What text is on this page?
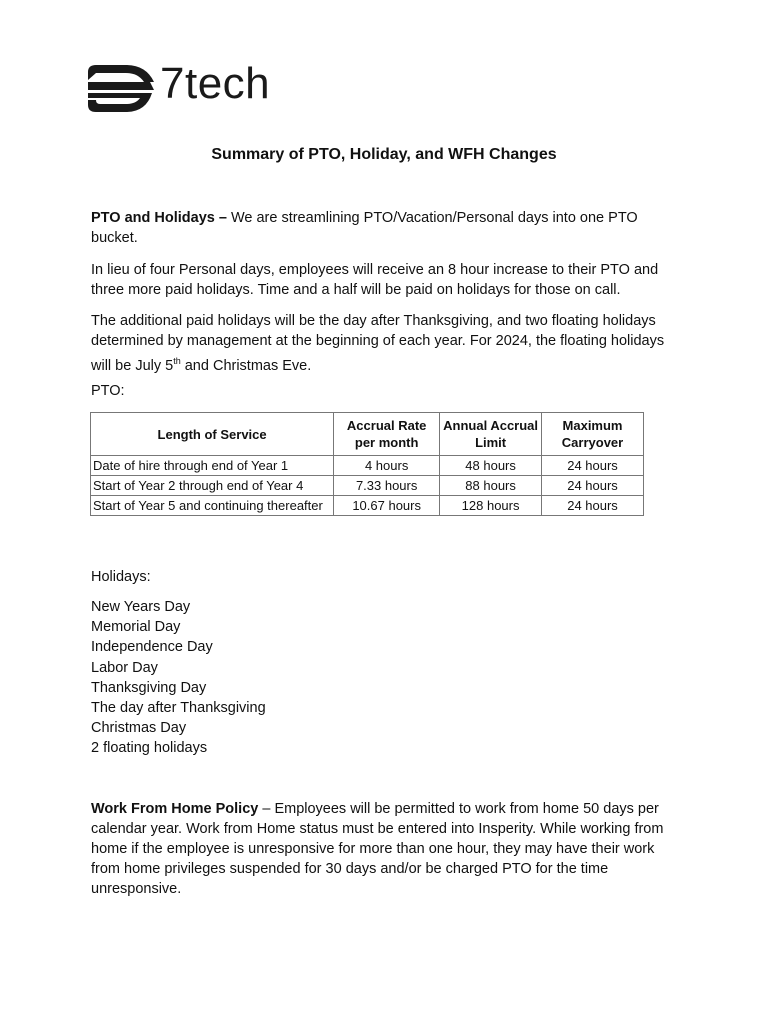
7tech
Summary of PTO, Holiday, and WFH Changes
PTO and Holidays – We are streamlining PTO/Vacation/Personal days into one PTO bucket.
In lieu of four Personal days, employees will receive an 8 hour increase to their PTO and three more paid holidays. Time and a half will be paid on holidays for those on call.
The additional paid holidays will be the day after Thanksgiving, and two floating holidays determined by management at the beginning of each year. For 2024, the floating holidays will be July 5th and Christmas Eve.
PTO:
Length of Service	Accrual Rate per month	Annual Accrual Limit	Maximum Carryover
Date of hire through end of Year 1	4 hours	48 hours	24 hours
Start of Year 2 through end of Year 4	7.33 hours	88 hours	24 hours
Start of Year 5 and continuing thereafter	10.67 hours	128 hours	24 hours
Holidays:
New Years Day
Memorial Day
Independence Day
Labor Day
Thanksgiving Day
The day after Thanksgiving
Christmas Day
2 floating holidays
Work From Home Policy – Employees will be permitted to work from home 50 days per calendar year. Work from Home status must be entered into Insperity. While working from home if the employee is unresponsive for more than one hour, they may have their work from home privileges suspended for 30 days and/or be charged PTO for the time unresponsive.
